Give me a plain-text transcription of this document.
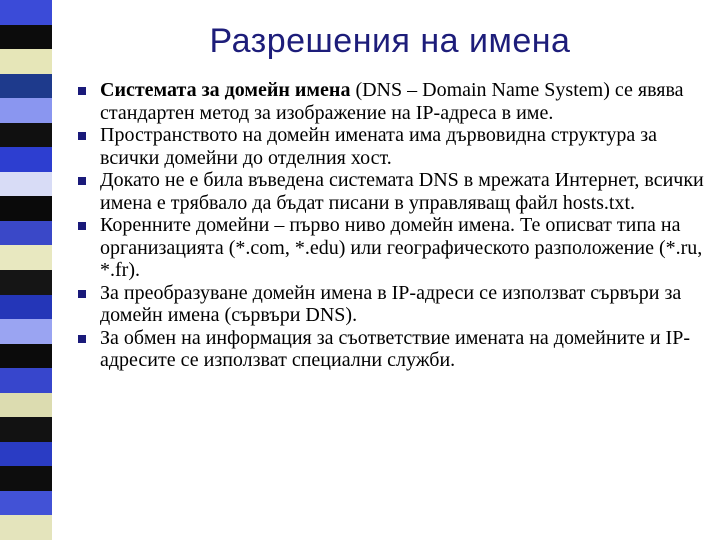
Разрешения на имена
Системата за домейн имена (DNS – Domain Name System) се явява стандартен метод за изображение на IP-адреса в име.
Пространството на домейн имената има дървовидна структура за всички домейни до отделния хост.
Докато не е била въведена системата DNS в мрежата Интернет, всички имена е трябвало да бъдат писани в управляващ файл hosts.txt.
Коренните домейни – първо ниво домейн имена. Те описват типа на организацията (*.com, *.edu) или географическото разположение (*.ru, *.fr).
За преобразуване домейн имена в IP-адреси се използват сървъри за домейн имена (сървъри DNS).
За обмен на информация за съответствие имената на домейните и IP-адресите се използват специални служби.
